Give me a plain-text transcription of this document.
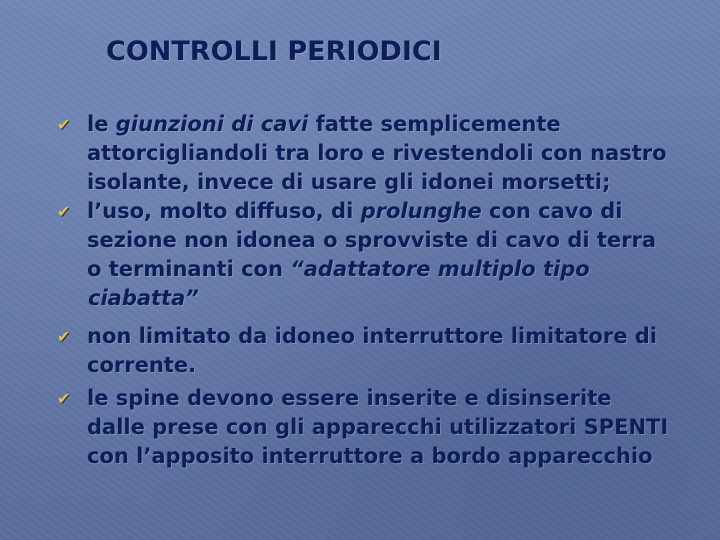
CONTROLLI PERIODICI
✔ le giunzioni di cavi fatte semplicemente
attorcigliandoli tra loro e rivestendoli con nastro
isolante, invece di usare gli idonei morsetti;
✔ l’uso, molto diffuso, di prolunghe con cavo di
sezione non idonea o sprovviste di cavo di terra
o terminanti con “adattatore multiplo tipo
ciabatta”
✔ non limitato da idoneo interruttore limitatore di
corrente.
✔ le spine devono essere inserite e disinserite
dalle prese con gli apparecchi utilizzatori SPENTI
con l’apposito interruttore a bordo apparecchio
